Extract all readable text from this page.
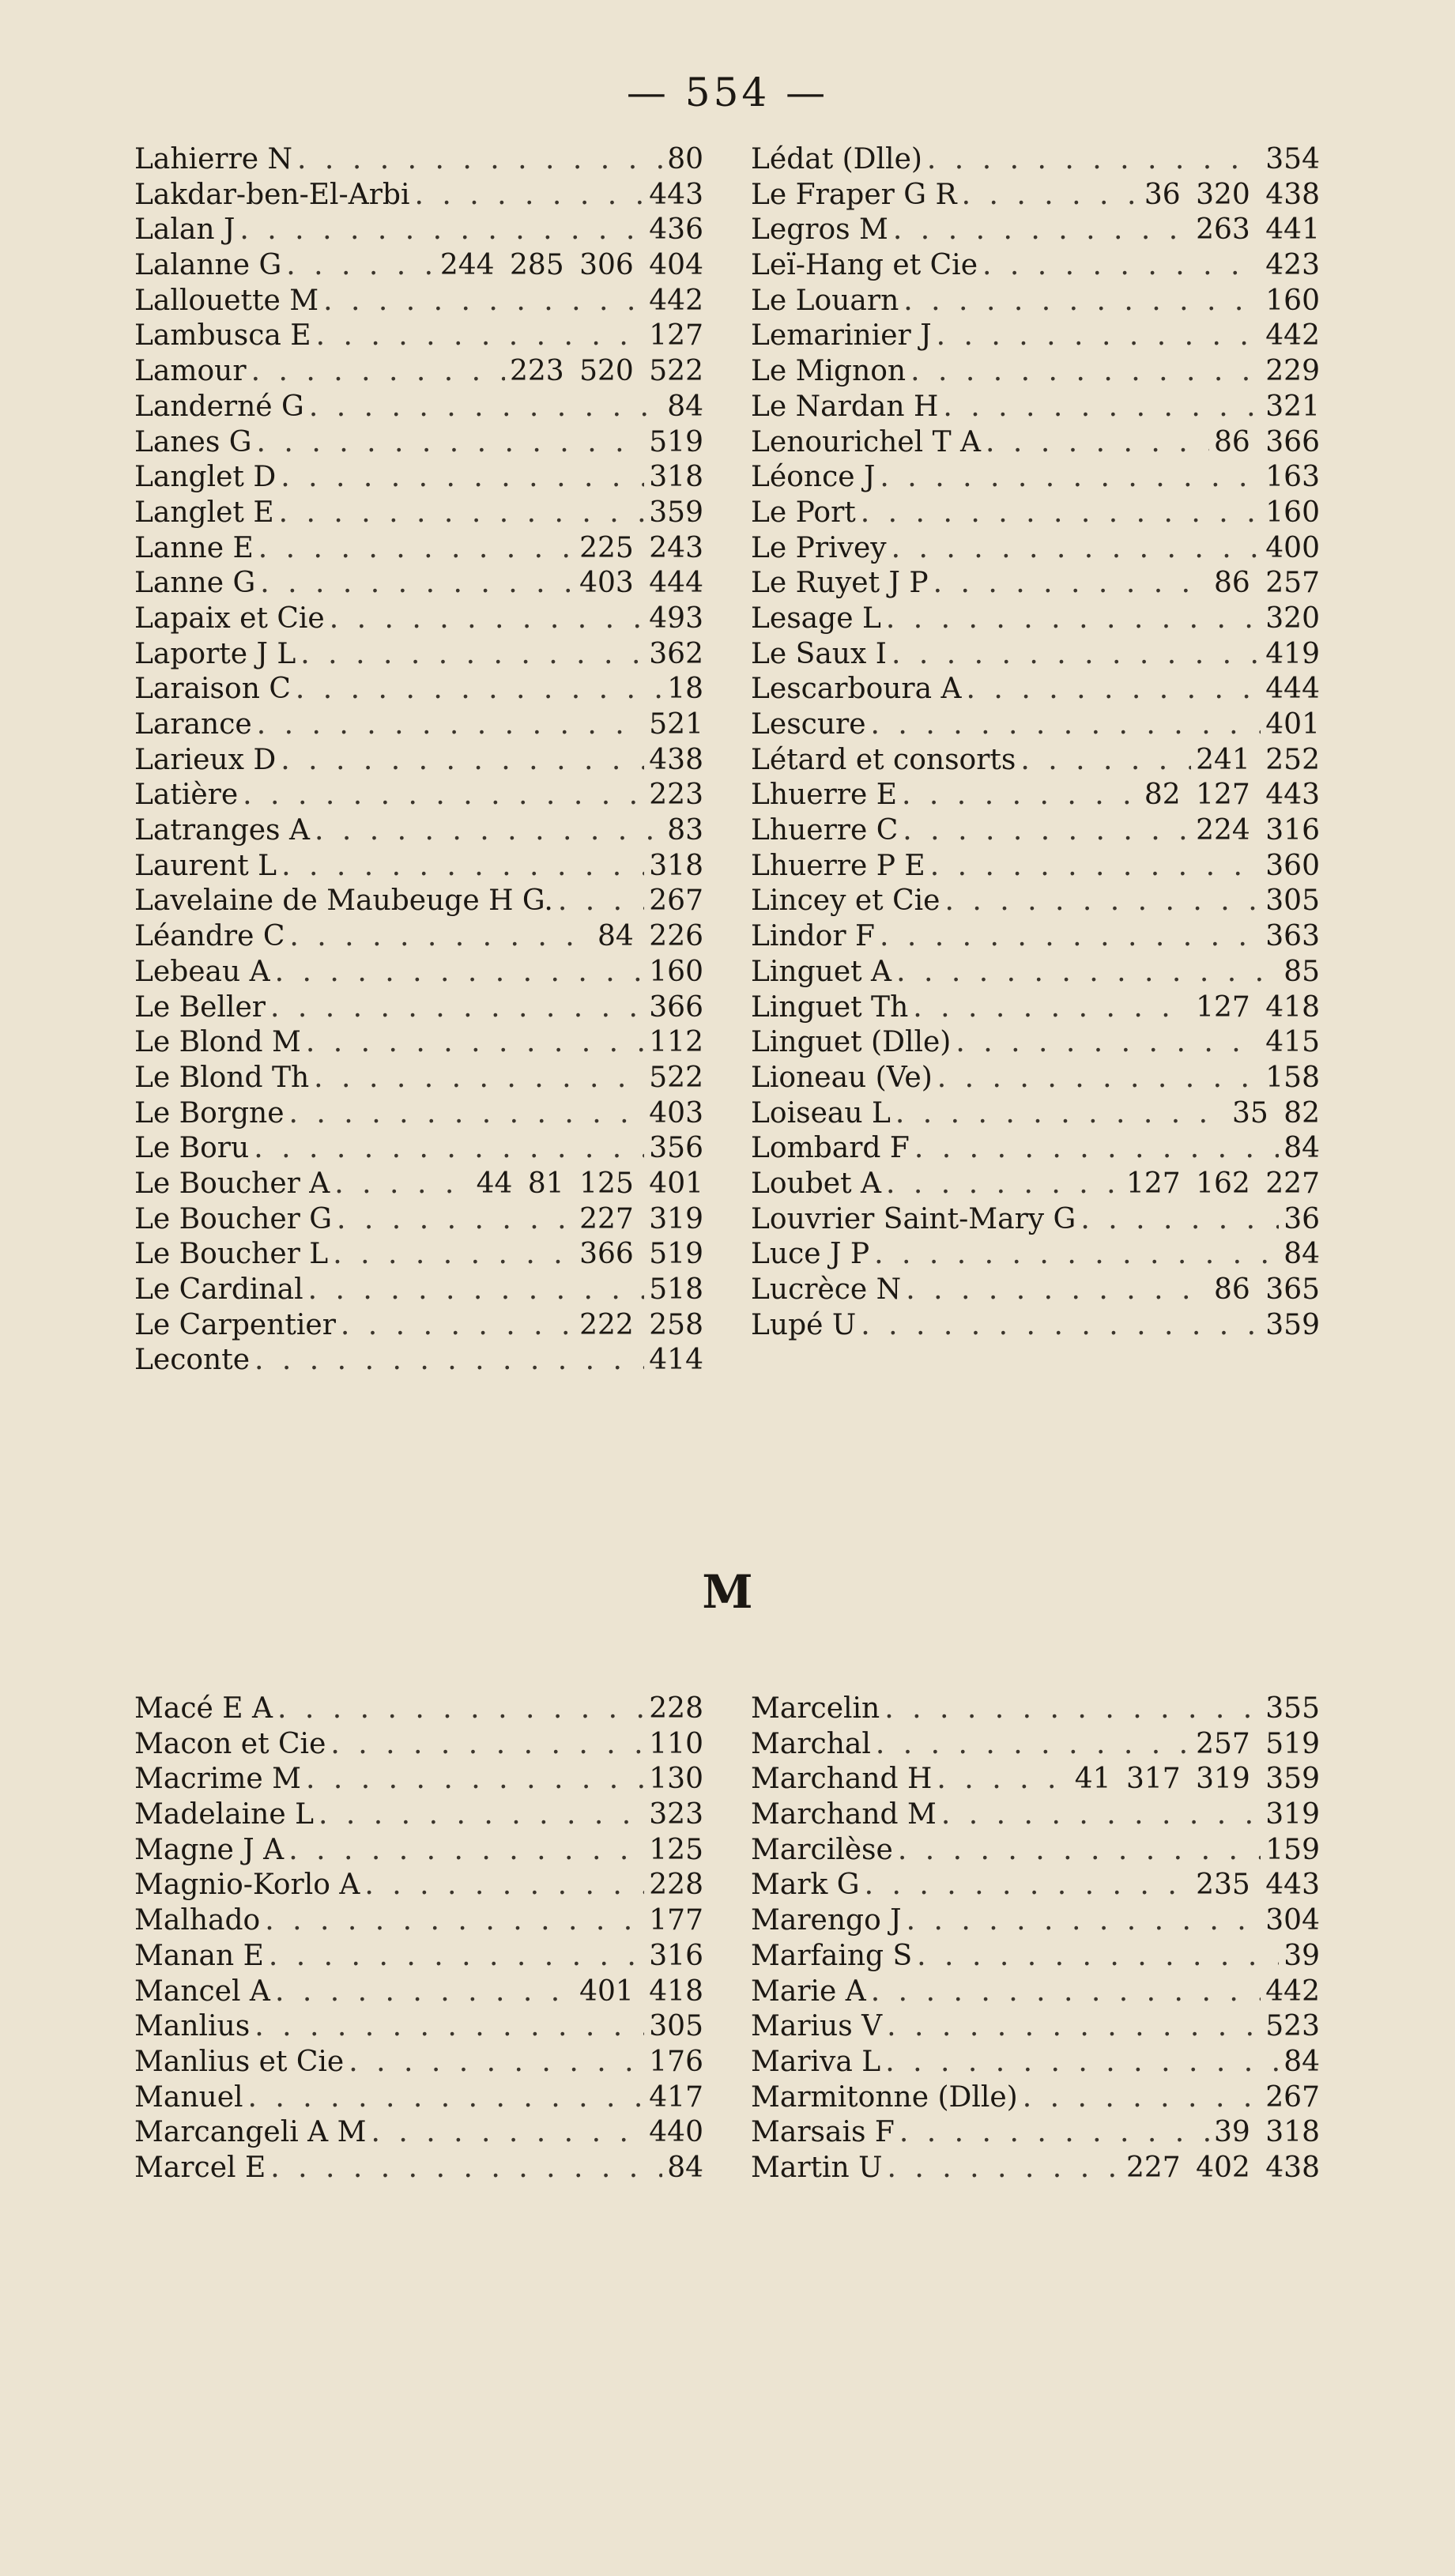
— 554 —
Lahierre N . . .	80
Lakdar-ben-El-Arbi . . .	443
Lalan J . . .	436
Lalanne G . . .	244 285 306 404
Lallouette M . . .	442
Lambusca E . . .	127
Lamour . . .	223 520 522
Landerné G . . .	84
Lanes G . . .	519
Langlet D . . .	318
Langlet E . . .	359
Lanne E . . .	225 243
Lanne G . . .	403 444
Lapaix et Cie . . .	493
Laporte J L . . .	362
Laraison C . . .	18
Larance . . .	521
Larieux D . . .	438
Latière . . .	223
Latranges A . . .	83
Laurent L . . .	318
Lavelaine de Maubeuge H G. . . .	267
Léandre C . . .	84 226
Lebeau A . . .	160
Le Beller . . .	366
Le Blond M . . .	112
Le Blond Th . . .	522
Le Borgne . . .	403
Le Boru . . .	356
Le Boucher A . . .	44 81 125 401
Le Boucher G . . .	227 319
Le Boucher L . . .	366 519
Le Cardinal . . .	518
Le Carpentier . . .	222 258
Leconte . . .	414
Lédat (Dlle) . . .	354
Le Fraper G R . . .	36 320 438
Legros M . . .	263 441
Leï-Hang et Cie . . .	423
Le Louarn . . .	160
Lemarinier J . . .	442
Le Mignon . . .	229
Le Nardan H . . .	321
Lenourichel T A . . .	86 366
Léonce J . . .	163
Le Port . . .	160
Le Privey . . .	400
Le Ruyet J P . . .	86 257
Lesage L . . .	320
Le Saux I . . .	419
Lescarboura A . . .	444
Lescure . . .	401
Létard et consorts . . .	241 252
Lhuerre E . . .	82 127 443
Lhuerre C . . .	224 316
Lhuerre P E . . .	360
Lincey et Cie . . .	305
Lindor F . . .	363
Linguet A . . .	85
Linguet Th . . .	127 418
Linguet (Dlle) . . .	415
Lioneau (Ve) . . .	158
Loiseau L . . .	35 82
Lombard F . . .	84
Loubet A . . .	127 162 227
Louvrier Saint-Mary G . . .	36
Luce J P . . .	84
Lucrèce N . . .	86 365
Lupé U . . .	359
M
Macé E A . . .	228
Macon et Cie . . .	110
Macrime M . . .	130
Madelaine L . . .	323
Magne J A . . .	125
Magnio-Korlo A . . .	228
Malhado . . .	177
Manan E . . .	316
Mancel A . . .	401 418
Manlius . . .	305
Manlius et Cie . . .	176
Manuel . . .	417
Marcangeli A M . . .	440
Marcel E . . .	84
Marcelin . . .	355
Marchal . . .	257 519
Marchand H . . .	41 317 319 359
Marchand M . . .	319
Marcilèse . . .	159
Mark G . . .	235 443
Marengo J . . .	304
Marfaing S . . .	39
Marie A . . .	442
Marius V . . .	523
Mariva L . . .	84
Marmitonne (Dlle) . . .	267
Marsais F . . .	39 318
Martin U . . .	227 402 438
